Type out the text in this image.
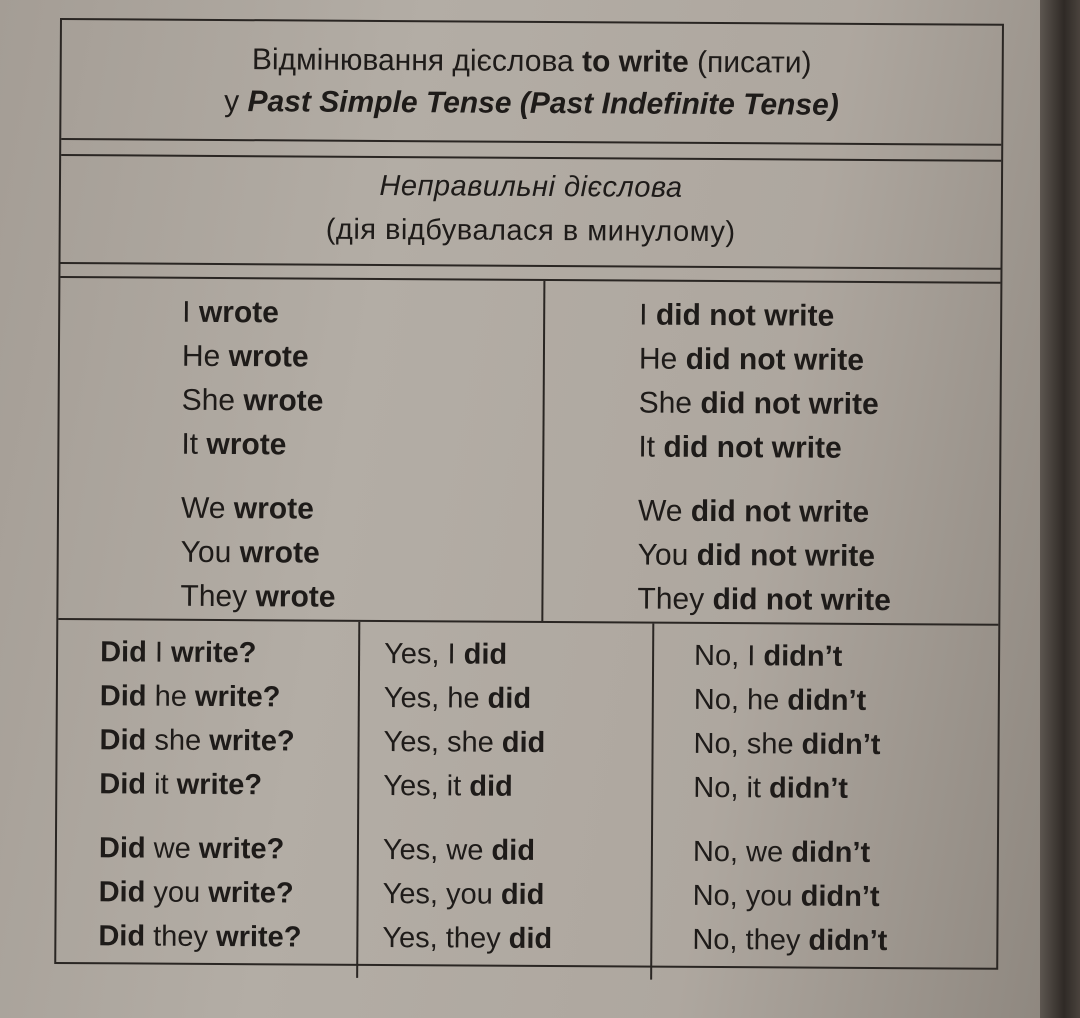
Відмінювання дієслова to write (писати)
у Past Simple Tense (Past Indefinite Tense)
Неправильні дієслова
(дія відбувалася в минулому)
I wrote
He wrote
She wrote
It wrote
We wrote
You wrote
They wrote
I did not write
He did not write
She did not write
It did not write
We did not write
You did not write
They did not write
Did I write?
Did he write?
Did she write?
Did it write?
Did we write?
Did you write?
Did they write?
Yes, I did
Yes, he did
Yes, she did
Yes, it did
Yes, we did
Yes, you did
Yes, they did
No, I didn’t
No, he didn’t
No, she didn’t
No, it didn’t
No, we didn’t
No, you didn’t
No, they didn’t
